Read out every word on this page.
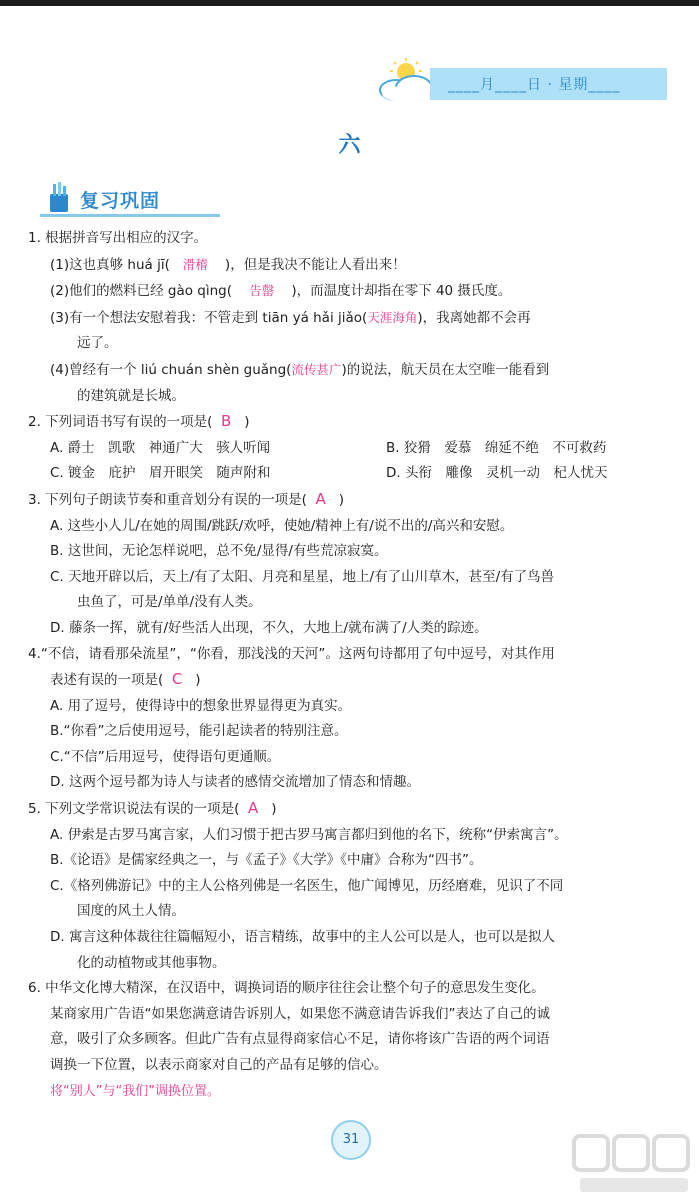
____月____日 · 星期____
六
复习巩固
1. 根据拼音写出相应的汉字。
(1)这也真够 huá jī( 滑稽 )，但是我决不能让人看出来！
(2)他们的燃料已经 gào qìng( 告罄 )，而温度计却指在零下 40 摄氏度。
(3)有一个想法安慰着我：不管走到 tiān yá hǎi jiǎo(天涯海角)，我离她都不会再
远了。
(4)曾经有一个 liú chuán shèn guǎng(流传甚广)的说法，航天员在太空唯一能看到
的建筑就是长城。
2. 下列词语书写有误的一项是( B )
A. 爵士　凯歌　神通广大　骇人听闻	B. 狡猾　爱慕　绵延不绝　不可救药
C. 镀金　庇护　眉开眼笑　随声附和	D. 头衔　雕像　灵机一动　杞人忧天
3. 下列句子朗读节奏和重音划分有误的一项是( A )
A. 这些小人儿/在她的周围/跳跃/欢呼，使她/精神上有/说不出的/高兴和安慰。
B. 这世间，无论怎样说吧，总不免/显得/有些荒凉寂寞。
C. 天地开辟以后，天上/有了太阳、月亮和星星，地上/有了山川草木，甚至/有了鸟兽
虫鱼了，可是/单单/没有人类。
D. 藤条一挥，就有/好些活人出现，不久，大地上/就布满了/人类的踪迹。
4.“不信，请看那朵流星”，“你看，那浅浅的天河”。这两句诗都用了句中逗号，对其作用
表述有误的一项是( C )
A. 用了逗号，使得诗中的想象世界显得更为真实。
B.“你看”之后使用逗号，能引起读者的特别注意。
C.“不信”后用逗号，使得语句更通顺。
D. 这两个逗号都为诗人与读者的感情交流增加了情态和情趣。
5. 下列文学常识说法有误的一项是( A )
A. 伊索是古罗马寓言家，人们习惯于把古罗马寓言都归到他的名下，统称“伊索寓言”。
B.《论语》是儒家经典之一，与《孟子》《大学》《中庸》合称为“四书”。
C.《格列佛游记》中的主人公格列佛是一名医生，他广闻博见，历经磨难，见识了不同
国度的风土人情。
D. 寓言这种体裁往往篇幅短小，语言精练，故事中的主人公可以是人，也可以是拟人
化的动植物或其他事物。
6. 中华文化博大精深，在汉语中，调换词语的顺序往往会让整个句子的意思发生变化。
某商家用广告语“如果您满意请告诉别人，如果您不满意请告诉我们”表达了自己的诚
意，吸引了众多顾客。但此广告有点显得商家信心不足，请你将该广告语的两个词语
调换一下位置，以表示商家对自己的产品有足够的信心。
将“别人”与“我们”调换位置。
31
